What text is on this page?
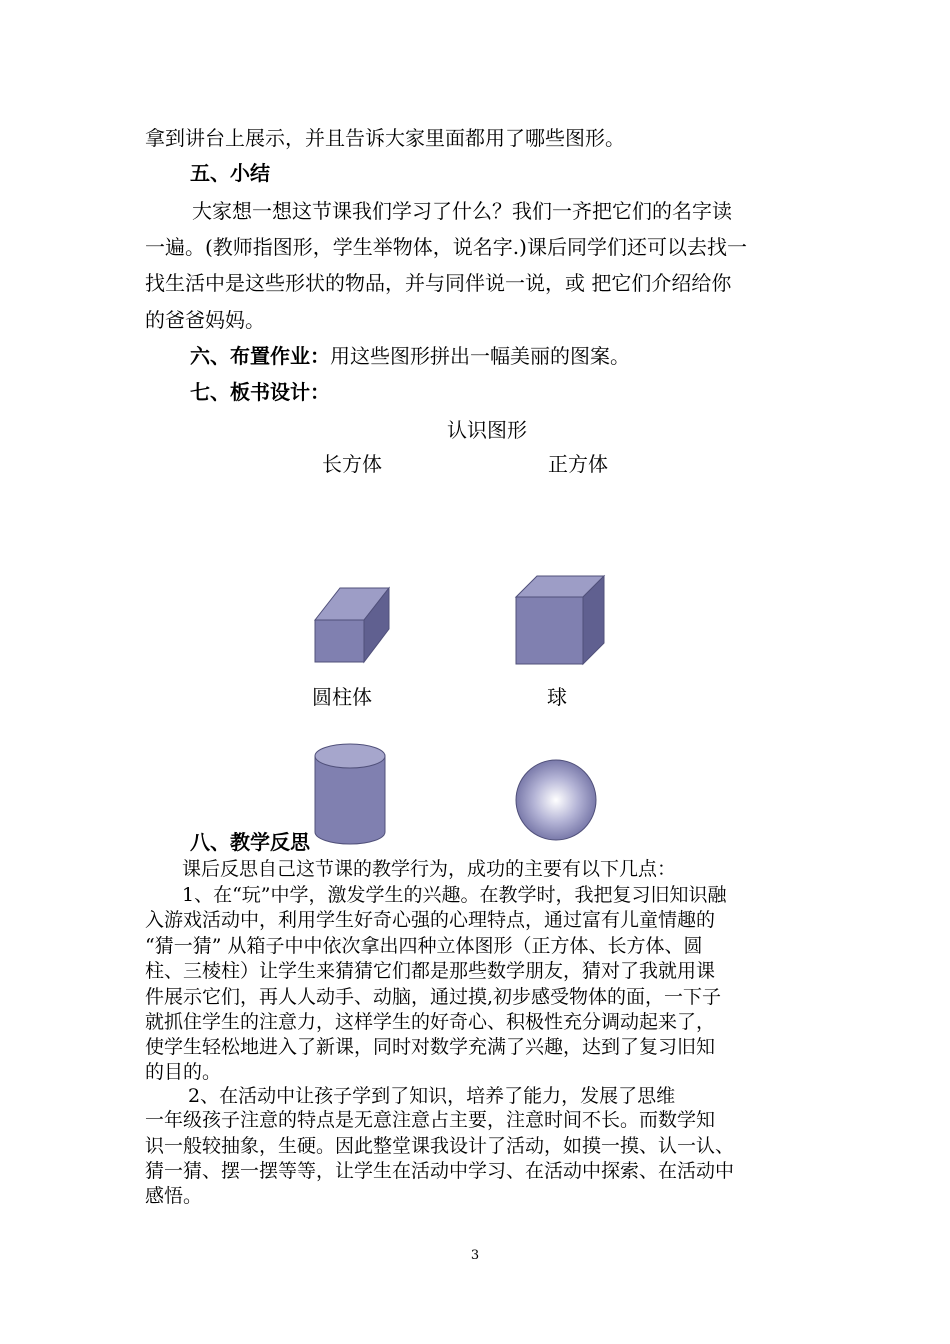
拿到讲台上展示，并且告诉大家里面都用了哪些图形。
五、小结
大家想一想这节课我们学习了什么？我们一齐把它们的名字读
一遍。(教师指图形，学生举物体，说名字.)课后同学们还可以去找一
找生活中是这些形状的物品，并与同伴说一说，或 把它们介绍给你
的爸爸妈妈。
六、布置作业：用这些图形拼出一幅美丽的图案。
七、板书设计：
认识图形
长方体	正方体
圆柱体	球
八、教学反思
课后反思自己这节课的教学行为，成功的主要有以下几点：
1、在“玩”中学，激发学生的兴趣。在教学时，我把复习旧知识融
入游戏活动中，利用学生好奇心强的心理特点，通过富有儿童情趣的
“猜一猜” 从箱子中中依次拿出四种立体图形（正方体、长方体、圆
柱、三棱柱）让学生来猜猜它们都是那些数学朋友，猜对了我就用课
件展示它们，再人人动手、动脑，通过摸,初步感受物体的面，一下子
就抓住学生的注意力，这样学生的好奇心、积极性充分调动起来了，
使学生轻松地进入了新课，同时对数学充满了兴趣，达到了复习旧知
的目的。
2、在活动中让孩子学到了知识，培养了能力，发展了思维
一年级孩子注意的特点是无意注意占主要，注意时间不长。而数学知
识一般较抽象，生硬。因此整堂课我设计了活动，如摸一摸、认一认、
猜一猜、摆一摆等等，让学生在活动中学习、在活动中探索、在活动中
感悟。
3
